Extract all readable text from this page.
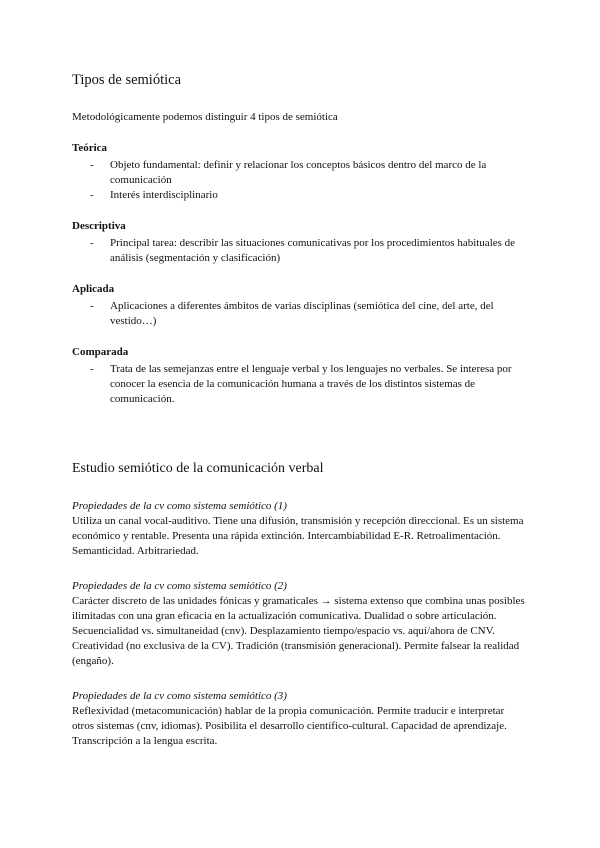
Tipos de semiótica

Metodológicamente podemos distinguir 4 tipos de semiótica

Teórica

-	Objeto fundamental: definir y relacionar los conceptos básicos dentro del marco de la comunicación
-	Interés interdisciplinario

Descriptiva

-	Principal tarea: describir las situaciones comunicativas por los procedimientos habituales de análisis (segmentación y clasificación)

Aplicada

-	Aplicaciones a diferentes ámbitos de varias disciplinas (semiótica del cine, del arte, del vestido…)

Comparada

-	Trata de las semejanzas entre el lenguaje verbal y los lenguajes no verbales. Se interesa por conocer la esencia de la comunicación humana a través de los distintos sistemas de comunicación.
Estudio semiótico de la comunicación verbal

Propiedades de la cv como sistema semiótico (1)

Utiliza un canal vocal-auditivo. Tiene una difusión, transmisión y recepción direccional. Es un sistema económico y rentable. Presenta una rápida extinción. Intercambiabilidad E-R. Retroalimentación. Semanticidad. Arbitrariedad.

Propiedades de la cv como sistema semiótico (2)

Carácter discreto de las unidades fónicas y gramaticales → sistema extenso que combina unas posibles ilimitadas con una gran eficacia en la actualización comunicativa. Dualidad o sobre articulación. Secuencialidad vs. simultaneidad (cnv). Desplazamiento tiempo/espacio vs. aquí/ahora de CNV. Creatividad (no exclusiva de la CV). Tradición (transmisión generacional). Permite falsear la realidad (engaño).

Propiedades de la cv como sistema semiótico (3)

Reflexividad (metacomunicación) hablar de la propia comunicación. Permite traducir e interpretar otros sistemas (cnv, idiomas). Posibilita el desarrollo científico-cultural. Capacidad de aprendizaje. Transcripción a la lengua escrita.
